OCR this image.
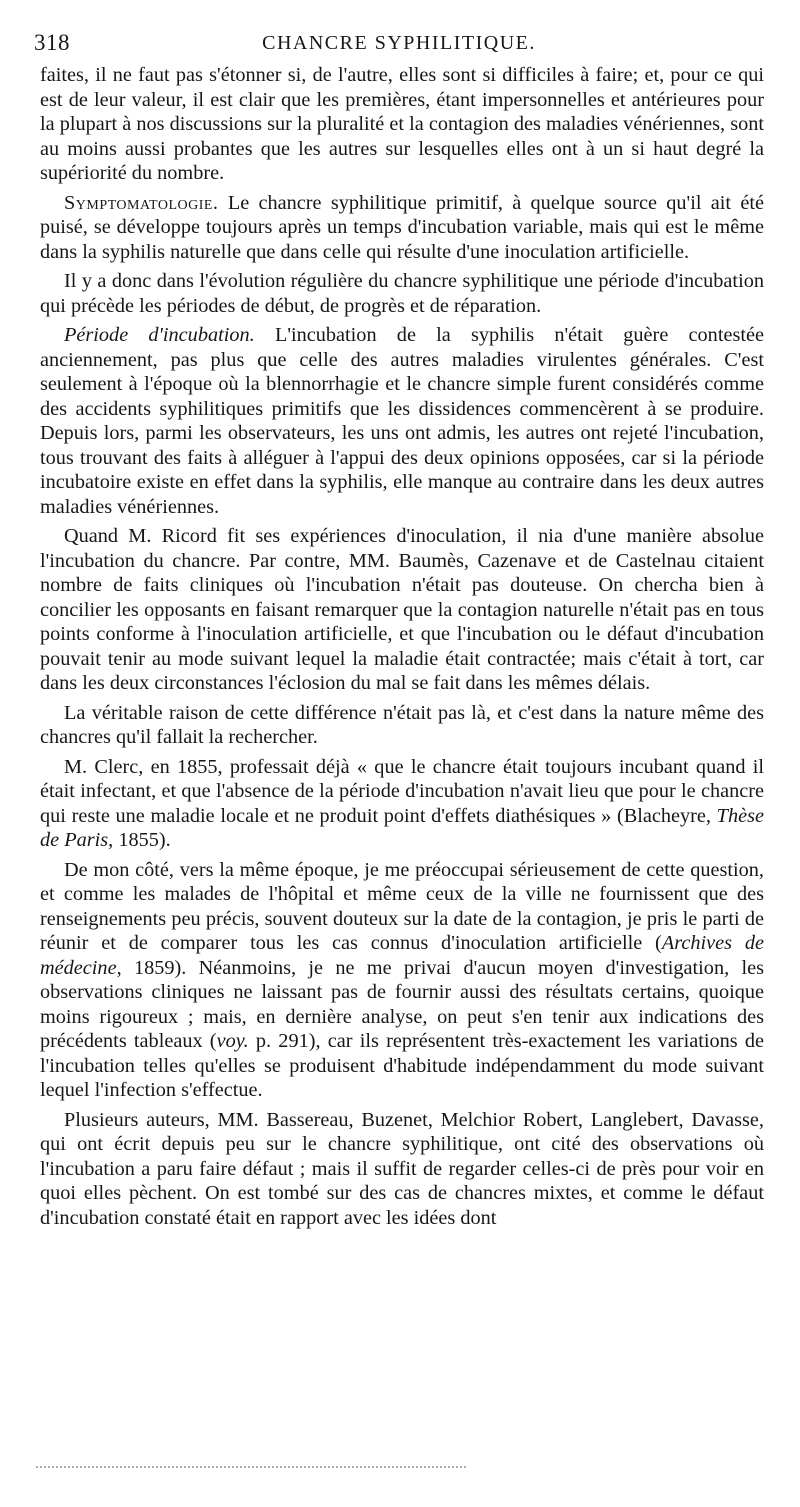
318	CHANCRE SYPHILITIQUE.

faites, il ne faut pas s'étonner si, de l'autre, elles sont si difficiles à faire; et, pour ce qui est de leur valeur, il est clair que les premières, étant impersonnelles et antérieures pour la plupart à nos discussions sur la pluralité et la contagion des maladies vénériennes, sont au moins aussi probantes que les autres sur lesquelles elles ont à un si haut degré la supériorité du nombre.

Symptomatologie. Le chancre syphilitique primitif, à quelque source qu'il ait été puisé, se développe toujours après un temps d'incubation variable, mais qui est le même dans la syphilis naturelle que dans celle qui résulte d'une inoculation artificielle.

Il y a donc dans l'évolution régulière du chancre syphilitique une période d'incubation qui précède les périodes de début, de progrès et de réparation.

Période d'incubation. L'incubation de la syphilis n'était guère contestée anciennement, pas plus que celle des autres maladies virulentes générales. C'est seulement à l'époque où la blennorrhagie et le chancre simple furent considérés comme des accidents syphilitiques primitifs que les dissidences commencèrent à se produire. Depuis lors, parmi les observateurs, les uns ont admis, les autres ont rejeté l'incubation, tous trouvant des faits à alléguer à l'appui des deux opinions opposées, car si la période incubatoire existe en effet dans la syphilis, elle manque au contraire dans les deux autres maladies vénériennes.

Quand M. Ricord fit ses expériences d'inoculation, il nia d'une manière absolue l'incubation du chancre. Par contre, MM. Baumès, Cazenave et de Castelnau citaient nombre de faits cliniques où l'incubation n'était pas douteuse. On chercha bien à concilier les opposants en faisant remarquer que la contagion naturelle n'était pas en tous points conforme à l'inoculation artificielle, et que l'incubation ou le défaut d'incubation pouvait tenir au mode suivant lequel la maladie était contractée; mais c'était à tort, car dans les deux circonstances l'éclosion du mal se fait dans les mêmes délais.

La véritable raison de cette différence n'était pas là, et c'est dans la nature même des chancres qu'il fallait la rechercher.

M. Clerc, en 1855, professait déjà « que le chancre était toujours incubant quand il était infectant, et que l'absence de la période d'incubation n'avait lieu que pour le chancre qui reste une maladie locale et ne produit point d'effets diathésiques » (Blacheyre, Thèse de Paris, 1855).

De mon côté, vers la même époque, je me préoccupai sérieusement de cette question, et comme les malades de l'hôpital et même ceux de la ville ne fournissent que des renseignements peu précis, souvent douteux sur la date de la contagion, je pris le parti de réunir et de comparer tous les cas connus d'inoculation artificielle (Archives de médecine, 1859). Néanmoins, je ne me privai d'aucun moyen d'investigation, les observations cliniques ne laissant pas de fournir aussi des résultats certains, quoique moins rigoureux ; mais, en dernière analyse, on peut s'en tenir aux indications des précédents tableaux (voy. p. 291), car ils représentent très-exactement les variations de l'incubation telles qu'elles se produisent d'habitude indépendamment du mode suivant lequel l'infection s'effectue.

Plusieurs auteurs, MM. Bassereau, Buzenet, Melchior Robert, Langlebert, Davasse, qui ont écrit depuis peu sur le chancre syphilitique, ont cité des observations où l'incubation a paru faire défaut ; mais il suffit de regarder celles-ci de près pour voir en quoi elles pèchent. On est tombé sur des cas de chancres mixtes, et comme le défaut d'incubation constaté était en rapport avec les idées dont
